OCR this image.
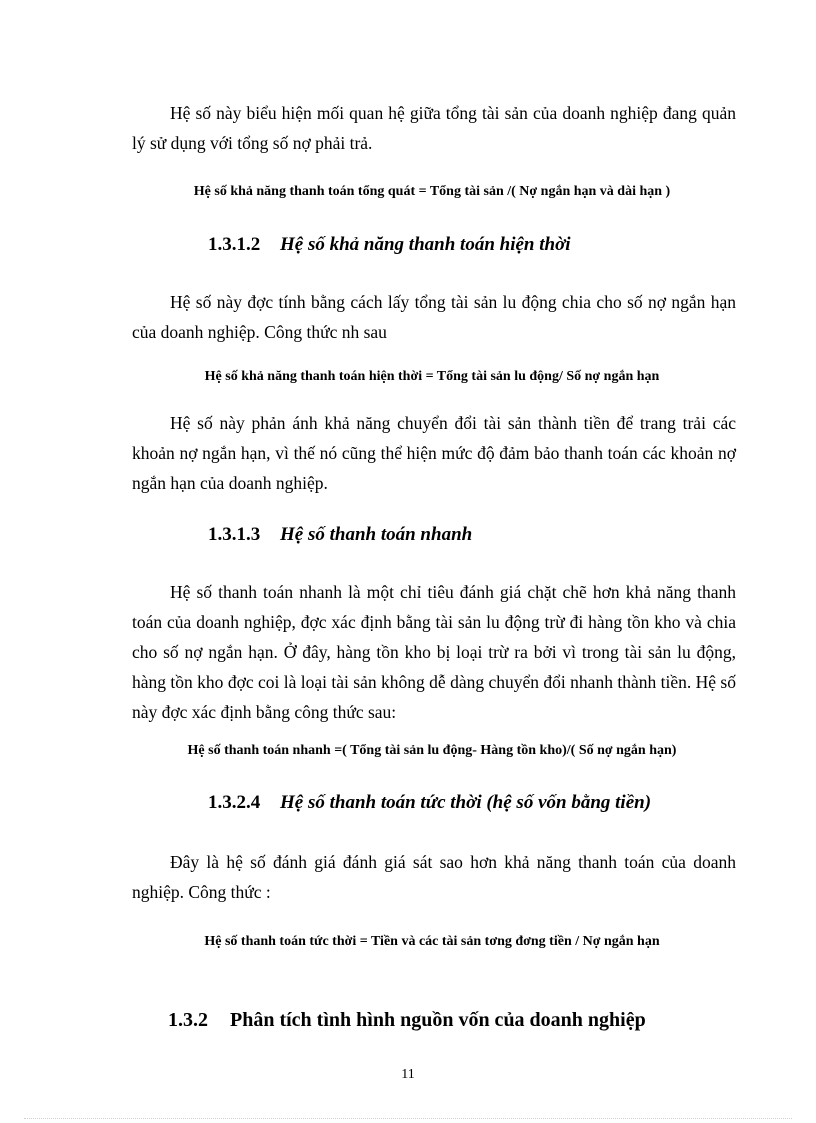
Hệ số này biểu hiện mối quan hệ giữa tổng tài sản của doanh nghiệp đang quản lý sử dụng với tổng số nợ phải trả.

Hệ số khả năng thanh toán tổng quát = Tổng tài sản /( Nợ ngắn hạn và dài hạn )

1.3.1.2 Hệ số khả năng thanh toán hiện thời

Hệ số này đợc tính bằng cách lấy tổng tài sản lu động chia cho số nợ ngắn hạn của doanh nghiệp. Công thức nh sau

Hệ số khả năng thanh toán hiện thời = Tổng tài sản lu động/ Số nợ ngắn hạn

Hệ số này phản ánh khả năng chuyển đổi tài sản thành tiền để trang trải các khoản nợ ngắn hạn, vì thế nó cũng thể hiện mức độ đảm bảo thanh toán các khoản nợ ngắn hạn của doanh nghiệp.

1.3.1.3 Hệ số thanh toán nhanh

Hệ số thanh toán nhanh là một chỉ tiêu đánh giá chặt chẽ hơn khả năng thanh toán của doanh nghiệp, đợc xác định bằng tài sản lu động trừ đi hàng tồn kho và chia cho số nợ ngắn hạn. Ở đây, hàng tồn kho bị loại trừ ra bởi vì trong tài sản lu động, hàng tồn kho đợc coi là loại tài sản không dễ dàng chuyển đổi nhanh thành tiền. Hệ số này đợc xác định bằng công thức sau:

Hệ số thanh toán nhanh =( Tổng tài sản lu động- Hàng tồn kho)/( Số nợ ngắn hạn)

1.3.2.4 Hệ số thanh toán tức thời (hệ số vốn bằng tiền)

Đây là hệ số đánh giá đánh giá sát sao hơn khả năng thanh toán của doanh nghiệp. Công thức :

Hệ số thanh toán tức thời = Tiền và các tài sản tơng đơng tiền / Nợ ngắn hạn

1.3.2 Phân tích tình hình nguồn vốn của doanh nghiệp
11
